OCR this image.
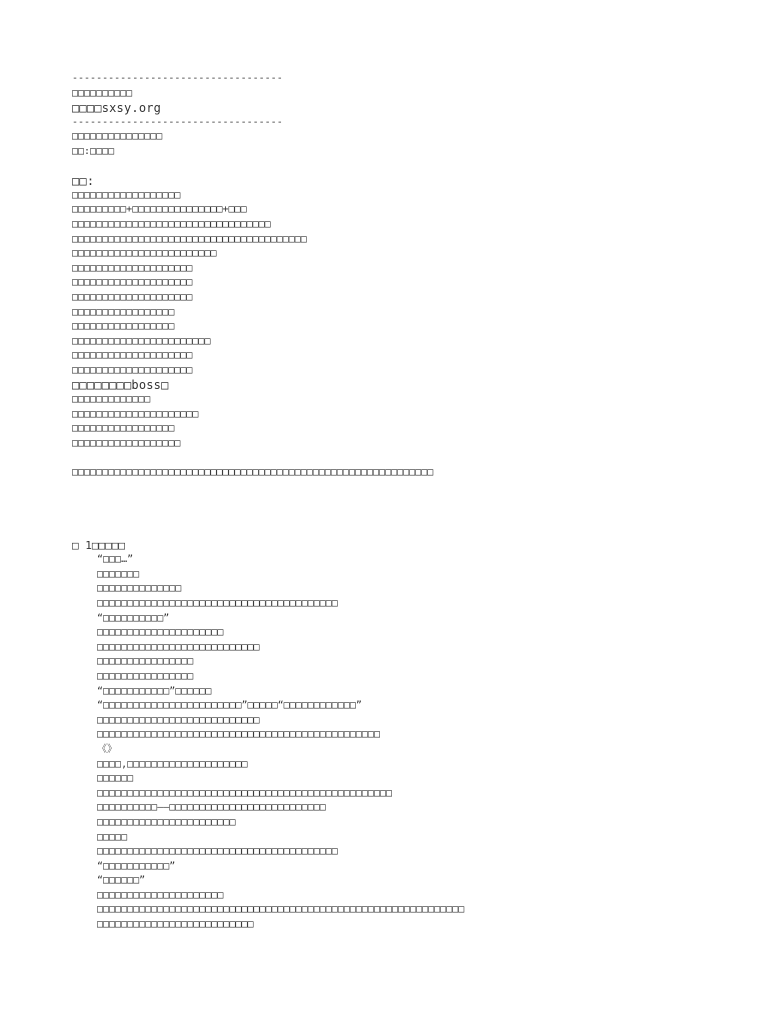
-----------------------------------
□□□□□□□□□□
□□□□sxsy.org
-----------------------------------
□□□□□□□□□□□□□□□
□□:□□□□
□□:
□□□□□□□□□□□□□□□□□□
□□□□□□□□□+□□□□□□□□□□□□□□□+□□□
□□□□□□□□□□□□□□□□□□□□□□□□□□□□□□□□□
□□□□□□□□□□□□□□□□□□□□□□□□□□□□□□□□□□□□□□□
□□□□□□□□□□□□□□□□□□□□□□□□
□□□□□□□□□□□□□□□□□□□□
□□□□□□□□□□□□□□□□□□□□
□□□□□□□□□□□□□□□□□□□□
□□□□□□□□□□□□□□□□□
□□□□□□□□□□□□□□□□□
□□□□□□□□□□□□□□□□□□□□□□□
□□□□□□□□□□□□□□□□□□□□
□□□□□□□□□□□□□□□□□□□□
□□□□□□□□boss□
□□□□□□□□□□□□□
□□□□□□□□□□□□□□□□□□□□□
□□□□□□□□□□□□□□□□□
□□□□□□□□□□□□□□□□□□
□□□□□□□□□□□□□□□□□□□□□□□□□□□□□□□□□□□□□□□□□□□□□□□□□□□□□□□□□□□□
□ 1□□□□□
“□□□…”
□□□□□□□
□□□□□□□□□□□□□□
□□□□□□□□□□□□□□□□□□□□□□□□□□□□□□□□□□□□□□□□
“□□□□□□□□□□”
□□□□□□□□□□□□□□□□□□□□□
□□□□□□□□□□□□□□□□□□□□□□□□□□□
□□□□□□□□□□□□□□□□
□□□□□□□□□□□□□□□□
“□□□□□□□□□□□”□□□□□□
“□□□□□□□□□□□□□□□□□□□□□□□”□□□□□“□□□□□□□□□□□□”
□□□□□□□□□□□□□□□□□□□□□□□□□□□
□□□□□□□□□□□□□□□□□□□□□□□□□□□□□□□□□□□□□□□□□□□□□□□
《》
□□□□,□□□□□□□□□□□□□□□□□□□□
□□□□□□
□□□□□□□□□□□□□□□□□□□□□□□□□□□□□□□□□□□□□□□□□□□□□□□□□
□□□□□□□□□□——□□□□□□□□□□□□□□□□□□□□□□□□□□
□□□□□□□□□□□□□□□□□□□□□□□
□□□□□
□□□□□□□□□□□□□□□□□□□□□□□□□□□□□□□□□□□□□□□□
“□□□□□□□□□□□”
“□□□□□□”
□□□□□□□□□□□□□□□□□□□□□
□□□□□□□□□□□□□□□□□□□□□□□□□□□□□□□□□□□□□□□□□□□□□□□□□□□□□□□□□□□□□
□□□□□□□□□□□□□□□□□□□□□□□□□□
